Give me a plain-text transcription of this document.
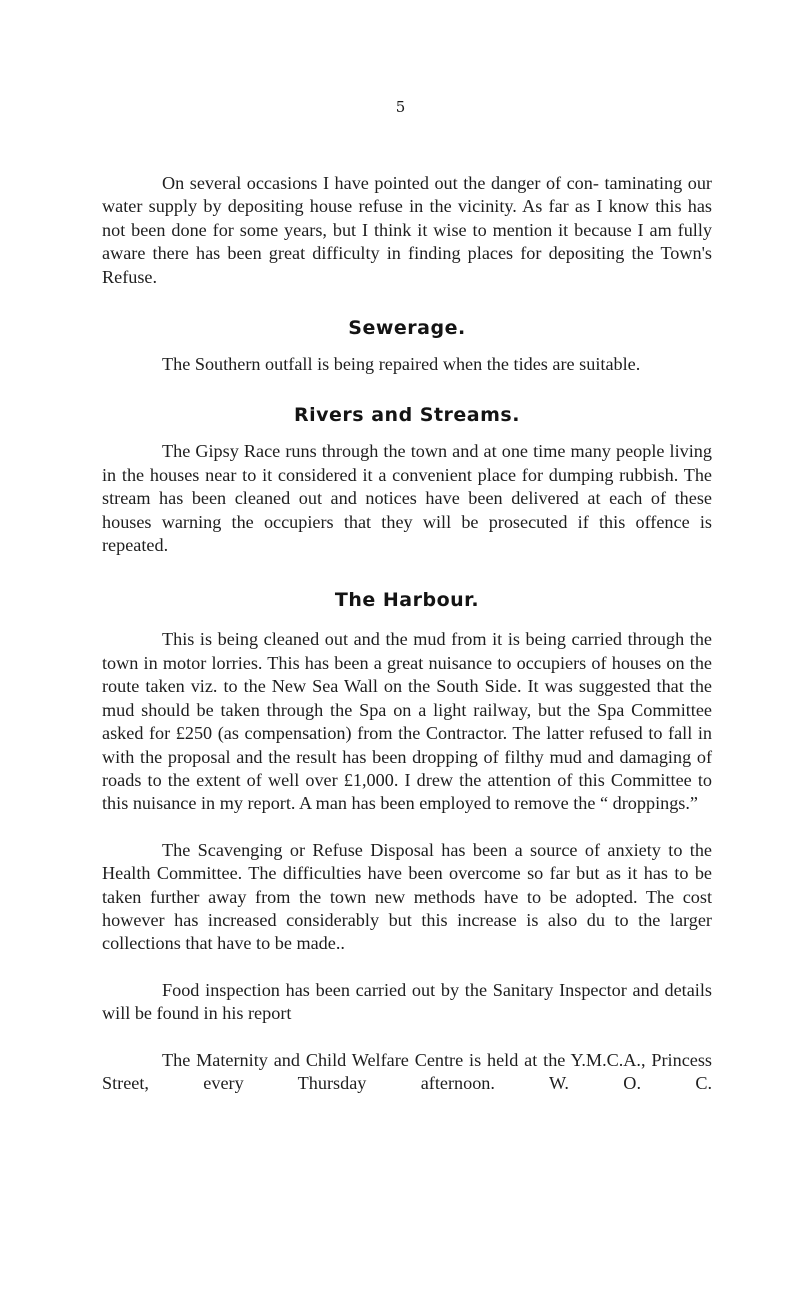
5

On several occasions I have pointed out the danger of con- taminating our water supply by depositing house refuse in the vicinity. As far as I know this has not been done for some years, but I think it wise to mention it because I am fully aware there has been great difficulty in finding places for depositing the Town's Refuse.

Sewerage.

The Southern outfall is being repaired when the tides are suitable.

Rivers and Streams.

The Gipsy Race runs through the town and at one time many people living in the houses near to it considered it a convenient place for dumping rubbish. The stream has been cleaned out and notices have been delivered at each of these houses warning the occupiers that they will be prosecuted if this offence is repeated.

The Harbour.

This is being cleaned out and the mud from it is being carried through the town in motor lorries. This has been a great nuisance to occupiers of houses on the route taken viz. to the New Sea Wall on the South Side. It was suggested that the mud should be taken through the Spa on a light railway, but the Spa Committee asked for £250 (as compensation) from the Contractor. The latter refused to fall in with the proposal and the result has been dropping of filthy mud and damaging of roads to the extent of well over £1,000. I drew the attention of this Committee to this nuisance in my report. A man has been employed to remove the “ droppings.”

The Scavenging or Refuse Disposal has been a source of anxiety to the Health Committee. The difficulties have been overcome so far but as it has to be taken further away from the town new methods have to be adopted. The cost however has increased considerably but this increase is also du to the larger collections that have to be made..

Food inspection has been carried out by the Sanitary Inspector and details will be found in his report

The Maternity and Child Welfare Centre is held at the Y.M.C.A., Princess Street, every Thursday afternoon. W. O. C.
